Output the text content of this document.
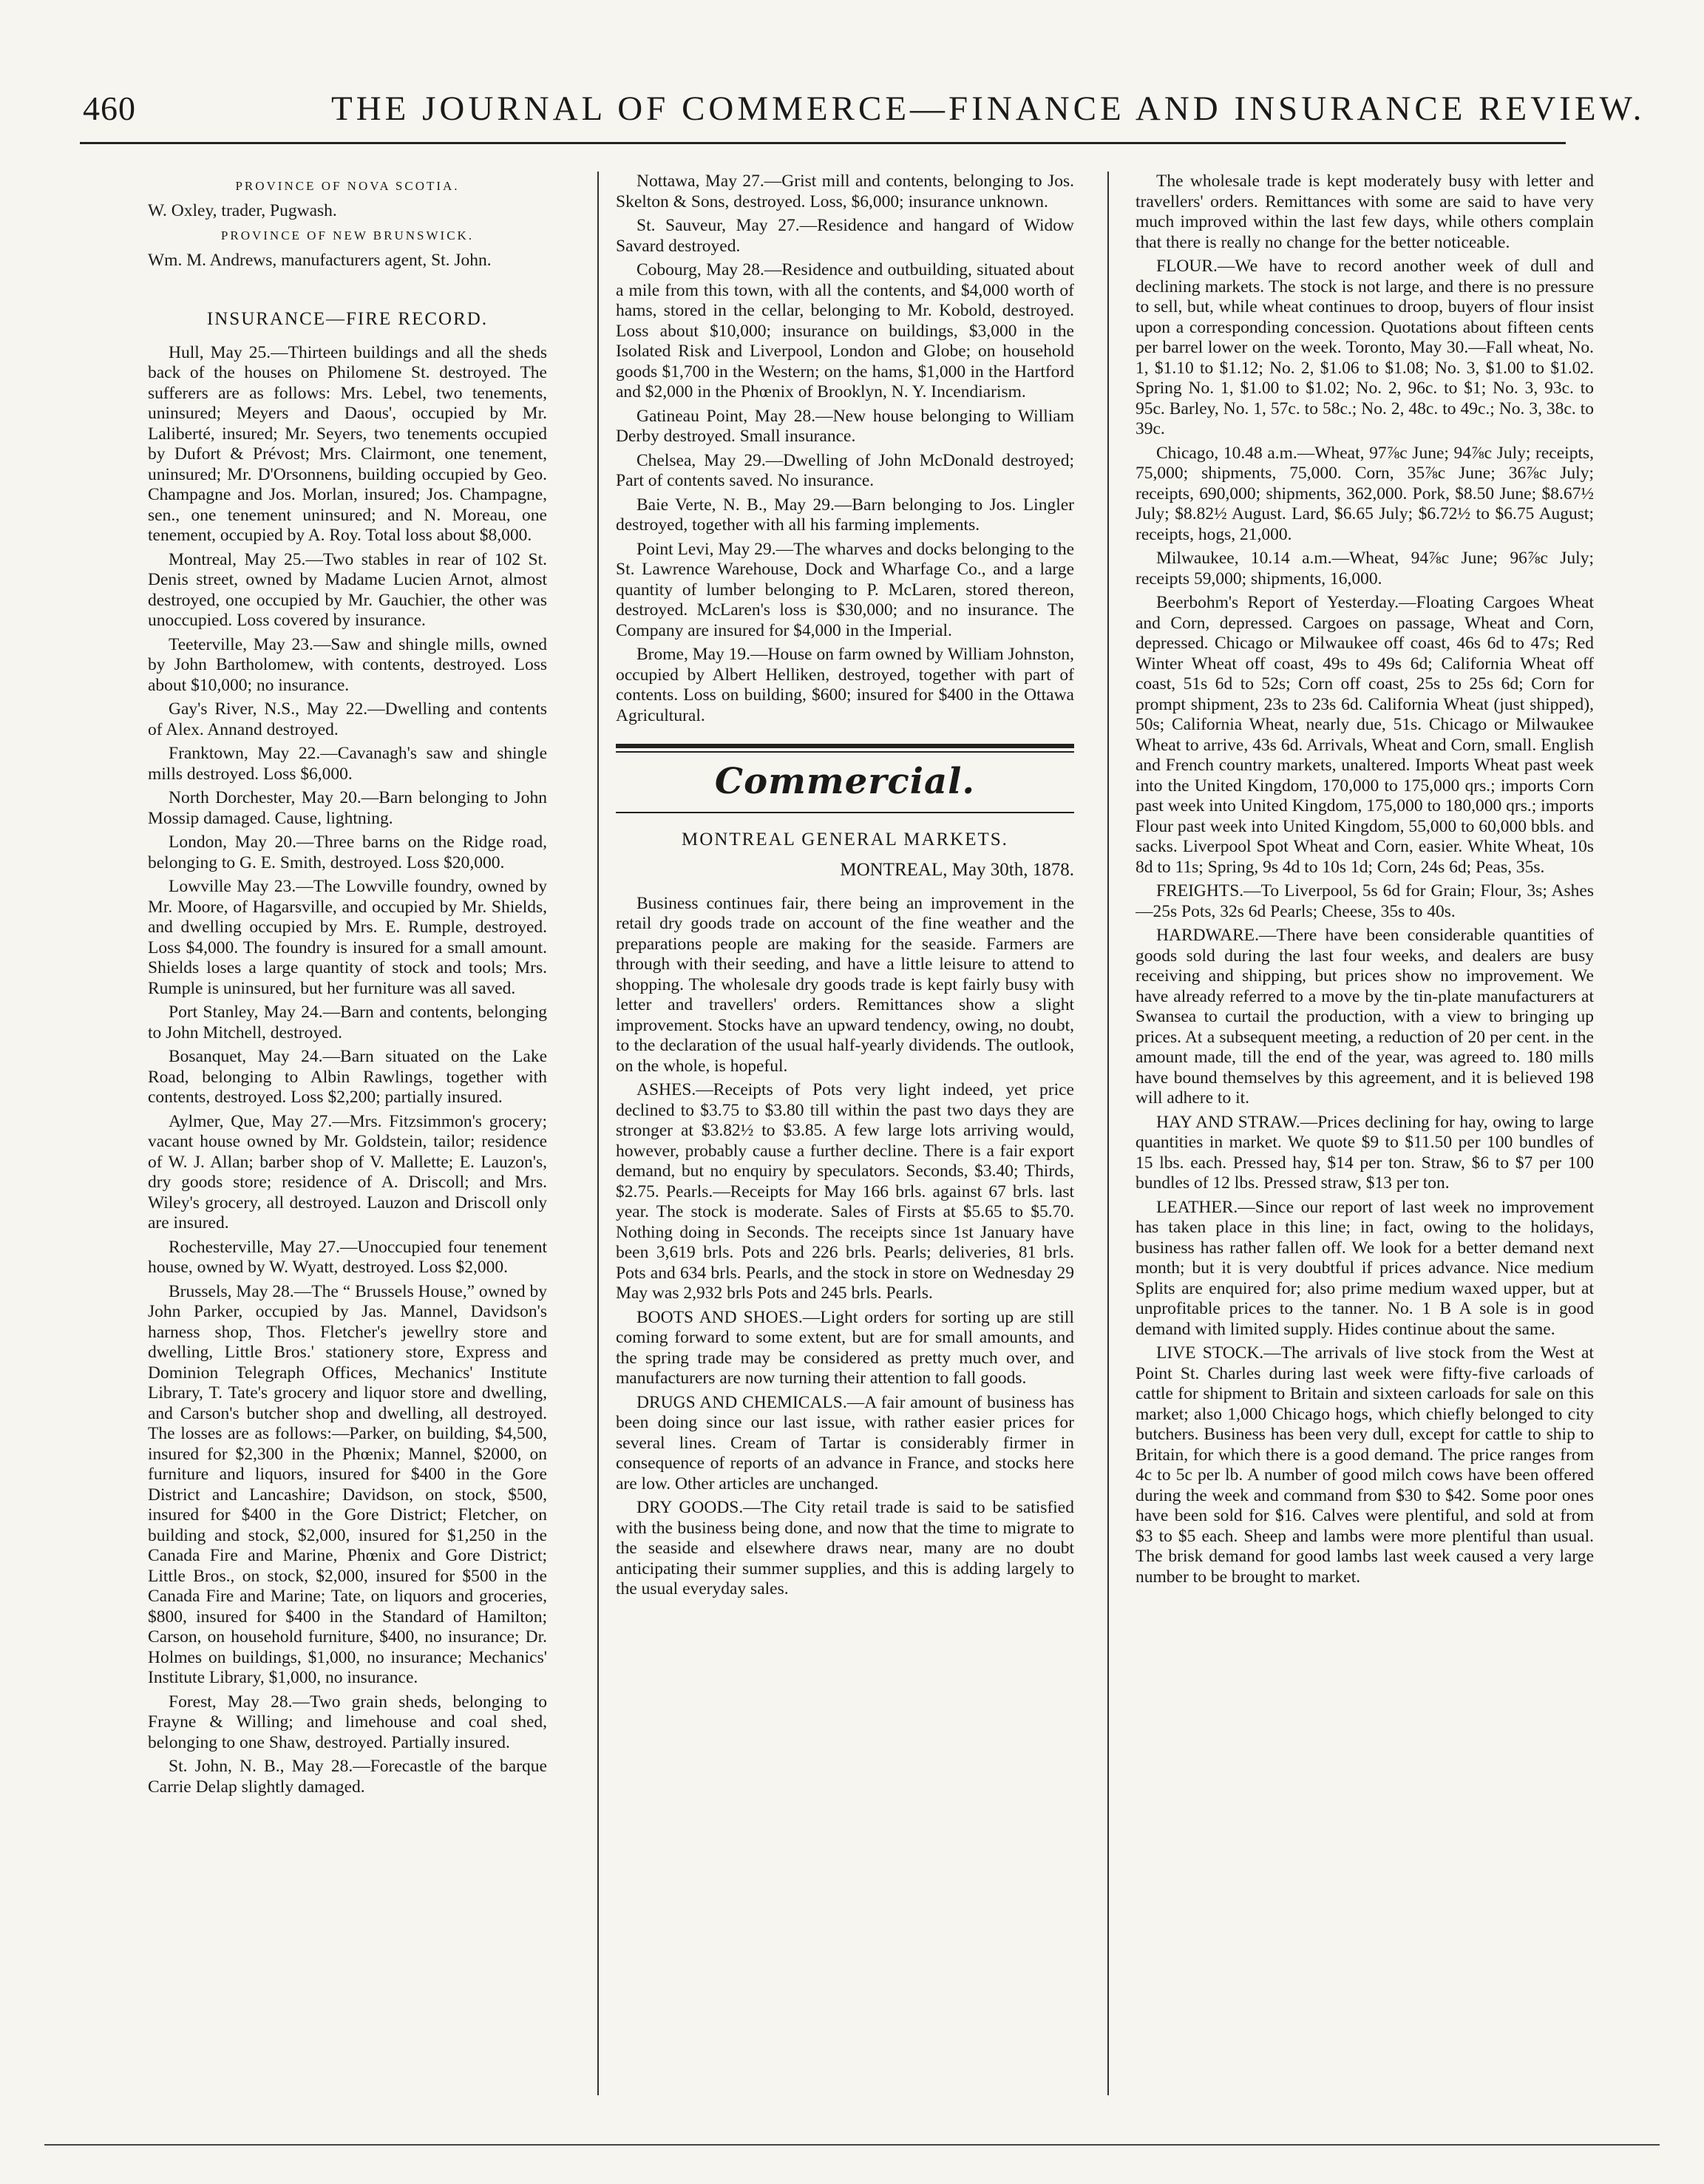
460	THE JOURNAL OF COMMERCE—FINANCE AND INSURANCE REVIEW.
PROVINCE OF NOVA SCOTIA.

W. Oxley, trader, Pugwash.

PROVINCE OF NEW BRUNSWICK.

Wm. M. Andrews, manufacturers agent, St. John.

INSURANCE—FIRE RECORD.

Hull, May 25.—Thirteen buildings and all the sheds back of the houses on Philomene St. destroyed. The sufferers are as follows: Mrs. Lebel, two tenements, uninsured; Meyers and Daous', occupied by Mr. Laliberté, insured; Mr. Seyers, two tenements occupied by Dufort & Prévost; Mrs. Clairmont, one tenement, uninsured; Mr. D'Orsonnens, building occupied by Geo. Champagne and Jos. Morlan, insured; Jos. Champagne, sen., one tenement uninsured; and N. Moreau, one tenement, occupied by A. Roy. Total loss about $8,000.

Montreal, May 25.—Two stables in rear of 102 St. Denis street, owned by Madame Lucien Arnot, almost destroyed, one occupied by Mr. Gauchier, the other was unoccupied. Loss covered by insurance.

Teeterville, May 23.—Saw and shingle mills, owned by John Bartholomew, with contents, destroyed. Loss about $10,000; no insurance.

Gay's River, N.S., May 22.—Dwelling and contents of Alex. Annand destroyed.

Franktown, May 22.—Cavanagh's saw and shingle mills destroyed. Loss $6,000.

North Dorchester, May 20.—Barn belonging to John Mossip damaged. Cause, lightning.

London, May 20.—Three barns on the Ridge road, belonging to G. E. Smith, destroyed. Loss $20,000.

Lowville May 23.—The Lowville foundry, owned by Mr. Moore, of Hagarsville, and occupied by Mr. Shields, and dwelling occupied by Mrs. E. Rumple, destroyed. Loss $4,000. The foundry is insured for a small amount. Shields loses a large quantity of stock and tools; Mrs. Rumple is uninsured, but her furniture was all saved.

Port Stanley, May 24.—Barn and contents, belonging to John Mitchell, destroyed.

Bosanquet, May 24.—Barn situated on the Lake Road, belonging to Albin Rawlings, together with contents, destroyed. Loss $2,200; partially insured.

Aylmer, Que, May 27.—Mrs. Fitzsimmon's grocery; vacant house owned by Mr. Goldstein, tailor; residence of W. J. Allan; barber shop of V. Mallette; E. Lauzon's, dry goods store; residence of A. Driscoll; and Mrs. Wiley's grocery, all destroyed. Lauzon and Driscoll only are insured.

Rochesterville, May 27.—Unoccupied four tenement house, owned by W. Wyatt, destroyed. Loss $2,000.

Brussels, May 28.—The “ Brussels House,” owned by John Parker, occupied by Jas. Mannel, Davidson's harness shop, Thos. Fletcher's jewellry store and dwelling, Little Bros.' stationery store, Express and Dominion Telegraph Offices, Mechanics' Institute Library, T. Tate's grocery and liquor store and dwelling, and Carson's butcher shop and dwelling, all destroyed. The losses are as follows:—Parker, on building, $4,500, insured for $2,300 in the Phœnix; Mannel, $2000, on furniture and liquors, insured for $400 in the Gore District and Lancashire; Davidson, on stock, $500, insured for $400 in the Gore District; Fletcher, on building and stock, $2,000, insured for $1,250 in the Canada Fire and Marine, Phœnix and Gore District; Little Bros., on stock, $2,000, insured for $500 in the Canada Fire and Marine; Tate, on liquors and groceries, $800, insured for $400 in the Standard of Hamilton; Carson, on household furniture, $400, no insurance; Dr. Holmes on buildings, $1,000, no insurance; Mechanics' Institute Library, $1,000, no insurance.

Forest, May 28.—Two grain sheds, belonging to Frayne & Willing; and limehouse and coal shed, belonging to one Shaw, destroyed. Partially insured.

St. John, N. B., May 28.—Forecastle of the barque Carrie Delap slightly damaged.

Nottawa, May 27.—Grist mill and contents, belonging to Jos. Skelton & Sons, destroyed. Loss, $6,000; insurance unknown.

St. Sauveur, May 27.—Residence and hangard of Widow Savard destroyed.

Cobourg, May 28.—Residence and outbuilding, situated about a mile from this town, with all the contents, and $4,000 worth of hams, stored in the cellar, belonging to Mr. Kobold, destroyed. Loss about $10,000; insurance on buildings, $3,000 in the Isolated Risk and Liverpool, London and Globe; on household goods $1,700 in the Western; on the hams, $1,000 in the Hartford and $2,000 in the Phœnix of Brooklyn, N. Y. Incendiarism.

Gatineau Point, May 28.—New house belonging to William Derby destroyed. Small insurance.

Chelsea, May 29.—Dwelling of John McDonald destroyed; Part of contents saved. No insurance.

Baie Verte, N. B., May 29.—Barn belonging to Jos. Lingler destroyed, together with all his farming implements.

Point Levi, May 29.—The wharves and docks belonging to the St. Lawrence Warehouse, Dock and Wharfage Co., and a large quantity of lumber belonging to P. McLaren, stored thereon, destroyed. McLaren's loss is $30,000; and no insurance. The Company are insured for $4,000 in the Imperial.

Brome, May 19.—House on farm owned by William Johnston, occupied by Albert Helliken, destroyed, together with part of contents. Loss on building, $600; insured for $400 in the Ottawa Agricultural.

Commercial.
MONTREAL GENERAL MARKETS.
MONTREAL, May 30th, 1878.

Business continues fair, there being an improvement in the retail dry goods trade on account of the fine weather and the preparations people are making for the seaside. Farmers are through with their seeding, and have a little leisure to attend to shopping. The wholesale dry goods trade is kept fairly busy with letter and travellers' orders. Remittances show a slight improvement. Stocks have an upward tendency, owing, no doubt, to the declaration of the usual half-yearly dividends. The outlook, on the whole, is hopeful.

ASHES.—Receipts of Pots very light indeed, yet price declined to $3.75 to $3.80 till within the past two days they are stronger at $3.82½ to $3.85. A few large lots arriving would, however, probably cause a further decline. There is a fair export demand, but no enquiry by speculators. Seconds, $3.40; Thirds, $2.75. Pearls.—Receipts for May 166 brls. against 67 brls. last year. The stock is moderate. Sales of Firsts at $5.65 to $5.70. Nothing doing in Seconds. The receipts since 1st January have been 3,619 brls. Pots and 226 brls. Pearls; deliveries, 81 brls. Pots and 634 brls. Pearls, and the stock in store on Wednesday 29 May was 2,932 brls Pots and 245 brls. Pearls.

BOOTS AND SHOES.—Light orders for sorting up are still coming forward to some extent, but are for small amounts, and the spring trade may be considered as pretty much over, and manufacturers are now turning their attention to fall goods.

DRUGS AND CHEMICALS.—A fair amount of business has been doing since our last issue, with rather easier prices for several lines. Cream of Tartar is considerably firmer in consequence of reports of an advance in France, and stocks here are low. Other articles are unchanged.

DRY GOODS.—The City retail trade is said to be satisfied with the business being done, and now that the time to migrate to the seaside and elsewhere draws near, many are no doubt anticipating their summer supplies, and this is adding largely to the usual everyday sales.

The wholesale trade is kept moderately busy with letter and travellers' orders. Remittances with some are said to have very much improved within the last few days, while others complain that there is really no change for the better noticeable.

FLOUR.—We have to record another week of dull and declining markets. The stock is not large, and there is no pressure to sell, but, while wheat continues to droop, buyers of flour insist upon a corresponding concession. Quotations about fifteen cents per barrel lower on the week. Toronto, May 30.—Fall wheat, No. 1, $1.10 to $1.12; No. 2, $1.06 to $1.08; No. 3, $1.00 to $1.02. Spring No. 1, $1.00 to $1.02; No. 2, 96c. to $1; No. 3, 93c. to 95c. Barley, No. 1, 57c. to 58c.; No. 2, 48c. to 49c.; No. 3, 38c. to 39c.

Chicago, 10.48 a.m.—Wheat, 97⅞c June; 94⅞c July; receipts, 75,000; shipments, 75,000. Corn, 35⅞c June; 36⅞c July; receipts, 690,000; shipments, 362,000. Pork, $8.50 June; $8.67½ July; $8.82½ August. Lard, $6.65 July; $6.72½ to $6.75 August; receipts, hogs, 21,000.

Milwaukee, 10.14 a.m.—Wheat, 94⅞c June; 96⅞c July; receipts 59,000; shipments, 16,000.

Beerbohm's Report of Yesterday.—Floating Cargoes Wheat and Corn, depressed. Cargoes on passage, Wheat and Corn, depressed. Chicago or Milwaukee off coast, 46s 6d to 47s; Red Winter Wheat off coast, 49s to 49s 6d; California Wheat off coast, 51s 6d to 52s; Corn off coast, 25s to 25s 6d; Corn for prompt shipment, 23s to 23s 6d. California Wheat (just shipped), 50s; California Wheat, nearly due, 51s. Chicago or Milwaukee Wheat to arrive, 43s 6d. Arrivals, Wheat and Corn, small. English and French country markets, unaltered. Imports Wheat past week into the United Kingdom, 170,000 to 175,000 qrs.; imports Corn past week into United Kingdom, 175,000 to 180,000 qrs.; imports Flour past week into United Kingdom, 55,000 to 60,000 bbls. and sacks. Liverpool Spot Wheat and Corn, easier. White Wheat, 10s 8d to 11s; Spring, 9s 4d to 10s 1d; Corn, 24s 6d; Peas, 35s.

FREIGHTS.—To Liverpool, 5s 6d for Grain; Flour, 3s; Ashes—25s Pots, 32s 6d Pearls; Cheese, 35s to 40s.

HARDWARE.—There have been considerable quantities of goods sold during the last four weeks, and dealers are busy receiving and shipping, but prices show no improvement. We have already referred to a move by the tin-plate manufacturers at Swansea to curtail the production, with a view to bringing up prices. At a subsequent meeting, a reduction of 20 per cent. in the amount made, till the end of the year, was agreed to. 180 mills have bound themselves by this agreement, and it is believed 198 will adhere to it.

HAY AND STRAW.—Prices declining for hay, owing to large quantities in market. We quote $9 to $11.50 per 100 bundles of 15 lbs. each. Pressed hay, $14 per ton. Straw, $6 to $7 per 100 bundles of 12 lbs. Pressed straw, $13 per ton.

LEATHER.—Since our report of last week no improvement has taken place in this line; in fact, owing to the holidays, business has rather fallen off. We look for a better demand next month; but it is very doubtful if prices advance. Nice medium Splits are enquired for; also prime medium waxed upper, but at unprofitable prices to the tanner. No. 1 B A sole is in good demand with limited supply. Hides continue about the same.

LIVE STOCK.—The arrivals of live stock from the West at Point St. Charles during last week were fifty-five carloads of cattle for shipment to Britain and sixteen carloads for sale on this market; also 1,000 Chicago hogs, which chiefly belonged to city butchers. Business has been very dull, except for cattle to ship to Britain, for which there is a good demand. The price ranges from 4c to 5c per lb. A number of good milch cows have been offered during the week and command from $30 to $42. Some poor ones have been sold for $16. Calves were plentiful, and sold at from $3 to $5 each. Sheep and lambs were more plentiful than usual. The brisk demand for good lambs last week caused a very large number to be brought to market.
